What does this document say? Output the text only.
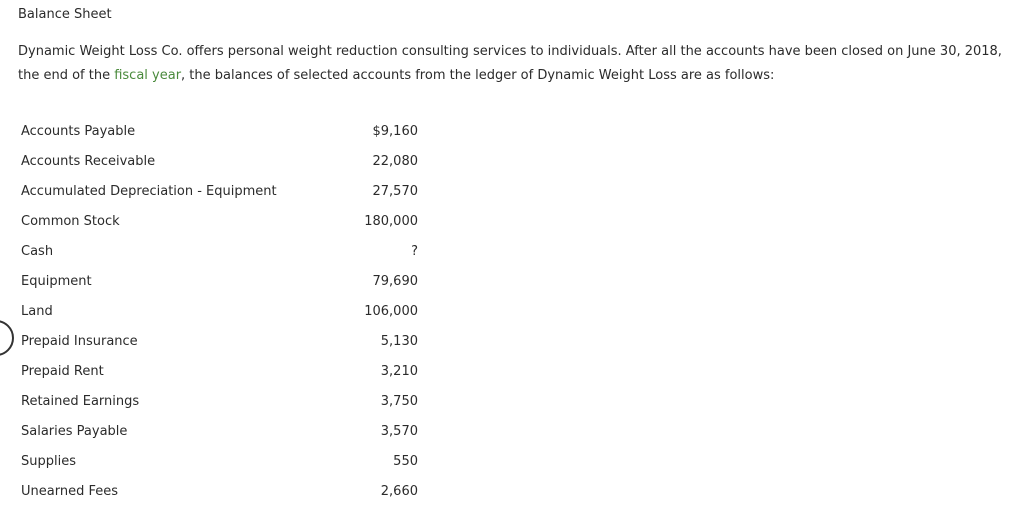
Balance Sheet

Dynamic Weight Loss Co. offers personal weight reduction consulting services to individuals. After all the accounts have been closed on June 30, 2018, the end of the fiscal year, the balances of selected accounts from the ledger of Dynamic Weight Loss are as follows:

Accounts Payable	$9,160
Accounts Receivable	22,080
Accumulated Depreciation - Equipment	27,570
Common Stock	180,000
Cash	?
Equipment	79,690
Land	106,000
Prepaid Insurance	5,130
Prepaid Rent	3,210
Retained Earnings	3,750
Salaries Payable	3,570
Supplies	550
Unearned Fees	2,660
